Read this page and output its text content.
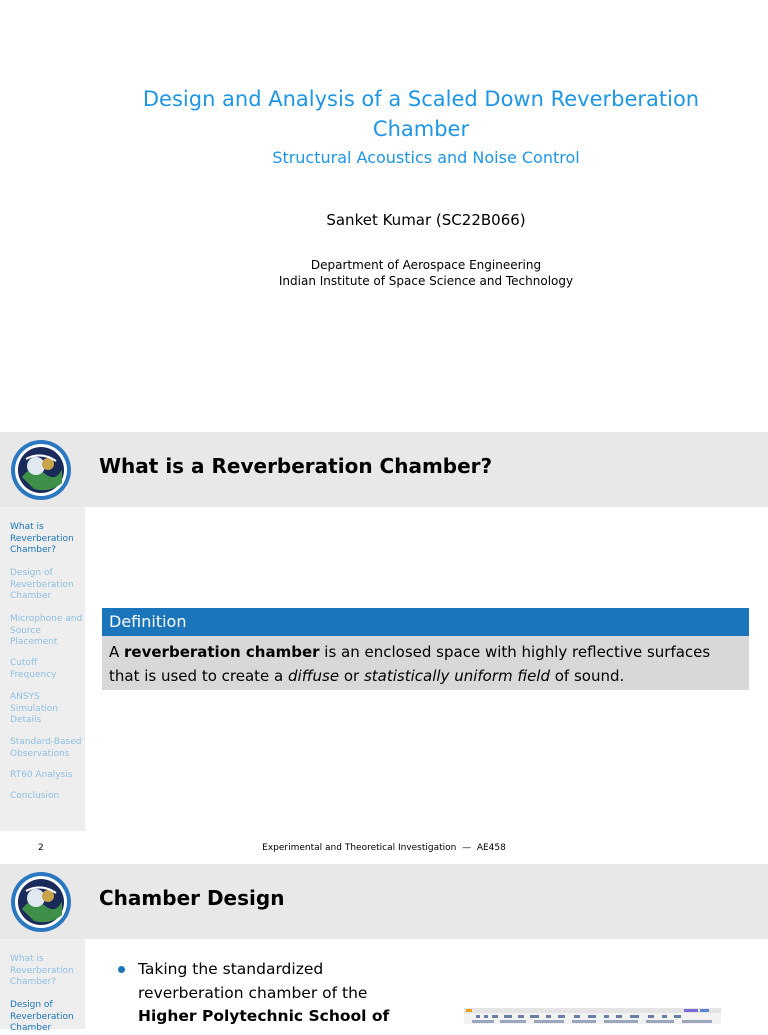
Design and Analysis of a Scaled Down Reverberation Chamber
Structural Acoustics and Noise Control
Sanket Kumar (SC22B066)
Department of Aerospace Engineering
Indian Institute of Space Science and Technology
What is a Reverberation Chamber?
What is Reverberation Chamber?
Design of Reverberation Chamber
Microphone and Source Placement
Cutoff Frequency
ANSYS Simulation Details
Standard-Based Observations
RT60 Analysis
Conclusion
Definition
A reverberation chamber is an enclosed space with highly reflective surfaces that is used to create a diffuse or statistically uniform field of sound.
2	Experimental and Theoretical Investigation  —  AE458
Chamber Design
What is Reverberation Chamber?
Design of Reverberation Chamber
Taking the standardized reverberation chamber of the Higher Polytechnic School of
